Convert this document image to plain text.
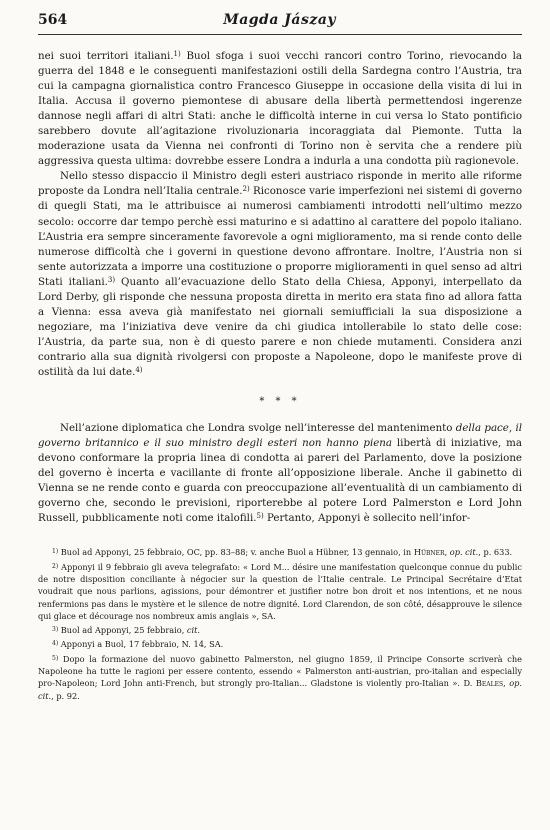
564	Magda Jászay

nei suoi territori italiani.$^{1)}$ Buol sfoga i suoi vecchi rancori contro Torino, rievocando la guerra del 1848 e le conseguenti manifestazioni ostili della Sardegna contro l’Austria, tra cui la campagna giornalistica contro Francesco Giuseppe in occasione della visita di lui in Italia. Accusa il governo piemontese di abusare della libertà permettendosi ingerenze dannose negli affari di altri Stati: anche le difficoltà interne in cui versa lo Stato pontificio sarebbero dovute all’agitazione rivoluzionaria incoraggiata dal Piemonte. Tutta la moderazione usata da Vienna nei confronti di Torino non è servita che a rendere più aggressiva questa ultima: dovrebbe essere Londra a indurla a una condotta più ragionevole.

Nello stesso dispaccio il Ministro degli esteri austriaco risponde in merito alle riforme proposte da Londra nell’Italia centrale.$^{2)}$ Riconosce varie imperfezioni nei sistemi di governo di quegli Stati, ma le attribuisce ai numerosi cambiamenti introdotti nell’ultimo mezzo secolo: occorre dar tempo perchè essi maturino e si adattino al carattere del popolo italiano. L’Austria era sempre sinceramente favorevole a ogni miglioramento, ma si rende conto delle numerose difficoltà che i governi in questione devono affrontare. Inoltre, l’Austria non si sente autorizzata a imporre una costituzione o proporre miglioramenti in quel senso ad altri Stati italiani.$^{3)}$ Quanto all’evacuazione dello Stato della Chiesa, Apponyi, interpellato da Lord Derby, gli risponde che nessuna proposta diretta in merito era stata fino ad allora fatta a Vienna: essa aveva già manifestato nei giornali semiufficiali la sua disposizione a negoziare, ma l’iniziativa deve venire da chi giudica intollerabile lo stato delle cose: l’Austria, da parte sua, non è di questo parere e non chiede mutamenti. Considera anzi contrario alla sua dignità rivolgersi con proposte a Napoleone, dopo le manifeste prove di ostilità da lui date.$^{4)}$

* * *

Nell’azione diplomatica che Londra svolge nell’interesse del mantenimento della pace, il governo britannico e il suo ministro degli esteri non hanno piena libertà di iniziative, ma devono conformare la propria linea di condotta ai pareri del Parlamento, dove la posizione del governo è incerta e vacillante di fronte all’opposizione liberale. Anche il gabinetto di Vienna se ne rende conto e guarda con preoccupazione all’eventualità di un cambiamento di governo che, secondo le previsioni, riporterebbe al potere Lord Palmerston e Lord John Russell, pubblicamente noti come italofili.$^{5)}$ Pertanto, Apponyi è sollecito nell’infor-

$^{1)}$ Buol ad Apponyi, 25 febbraio, OC, pp. 83–88; v. anche Buol a Hübner, 13 gennaio, in Hübner, op. cit., p. 633.

$^{2)}$ Apponyi il 9 febbraio gli aveva telegrafato: « Lord M... désire une manifestation quelconque connue du public de notre disposition conciliante à négocier sur la question de l’Italie centrale. Le Principal Secrétaire d’Etat voudrait que nous parlions, agissions, pour démontrer et justifier notre bon droit et nos intentions, et ne nous renfermions pas dans le mystère et le silence de notre dignité. Lord Clarendon, de son côté, désapprouve le silence qui glace et décourage nos nombreux amis anglais », SA.

$^{3)}$ Buol ad Apponyi, 25 febbraio, cit.

$^{4)}$ Apponyi a Buol, 17 febbraio, N. 14, SA.

$^{5)}$ Dopo la formazione del nuovo gabinetto Palmerston, nel giugno 1859, il Principe Consorte scriverà che Napoleone ha tutte le ragioni per essere contento, essendo « Palmerston anti-austrian, pro-italian and especially pro-Napoleon; Lord John anti-French, but strongly pro-Italian... Gladstone is violently pro-Italian ». D. Beales, op. cit., p. 92.
